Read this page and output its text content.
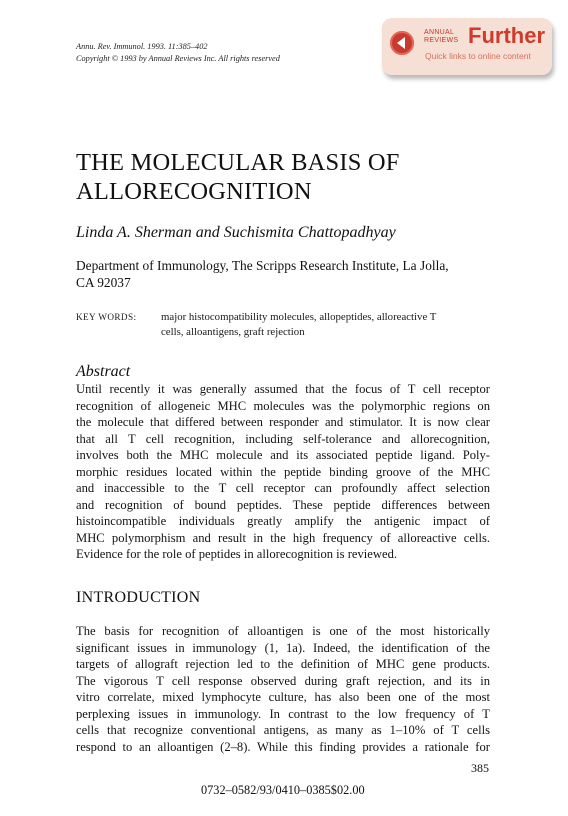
Annu. Rev. Immunol. 1993. 11:385–402
Copyright © 1993 by Annual Reviews Inc. All rights reserved
ANNUAL
REVIEWS Further
Quick links to online content
THE MOLECULAR BASIS OF
ALLORECOGNITION
Linda A. Sherman and Suchismita Chattopadhyay
Department of Immunology, The Scripps Research Institute, La Jolla,
CA 92037
KEY WORDS: major histocompatibility molecules, allopeptides, alloreactive T
cells, alloantigens, graft rejection
Abstract
Until recently it was generally assumed that the focus of T cell receptor
recognition of allogeneic MHC molecules was the polymorphic regions on
the molecule that differed between responder and stimulator. It is now clear
that all T cell recognition, including self-tolerance and allorecognition,
involves both the MHC molecule and its associated peptide ligand. Poly-
morphic residues located within the peptide binding groove of the MHC
and inaccessible to the T cell receptor can profoundly affect selection
and recognition of bound peptides. These peptide differences between
histoincompatible individuals greatly amplify the antigenic impact of
MHC polymorphism and result in the high frequency of alloreactive cells.
Evidence for the role of peptides in allorecognition is reviewed.
INTRODUCTION
The basis for recognition of alloantigen is one of the most historically
significant issues in immunology (1, 1a). Indeed, the identification of the
targets of allograft rejection led to the definition of MHC gene products.
The vigorous T cell response observed during graft rejection, and its in
vitro correlate, mixed lymphocyte culture, has also been one of the most
perplexing issues in immunology. In contrast to the low frequency of T
cells that recognize conventional antigens, as many as 1–10% of T cells
respond to an alloantigen (2–8). While this finding provides a rationale for
385
0732–0582/93/0410–0385$02.00
